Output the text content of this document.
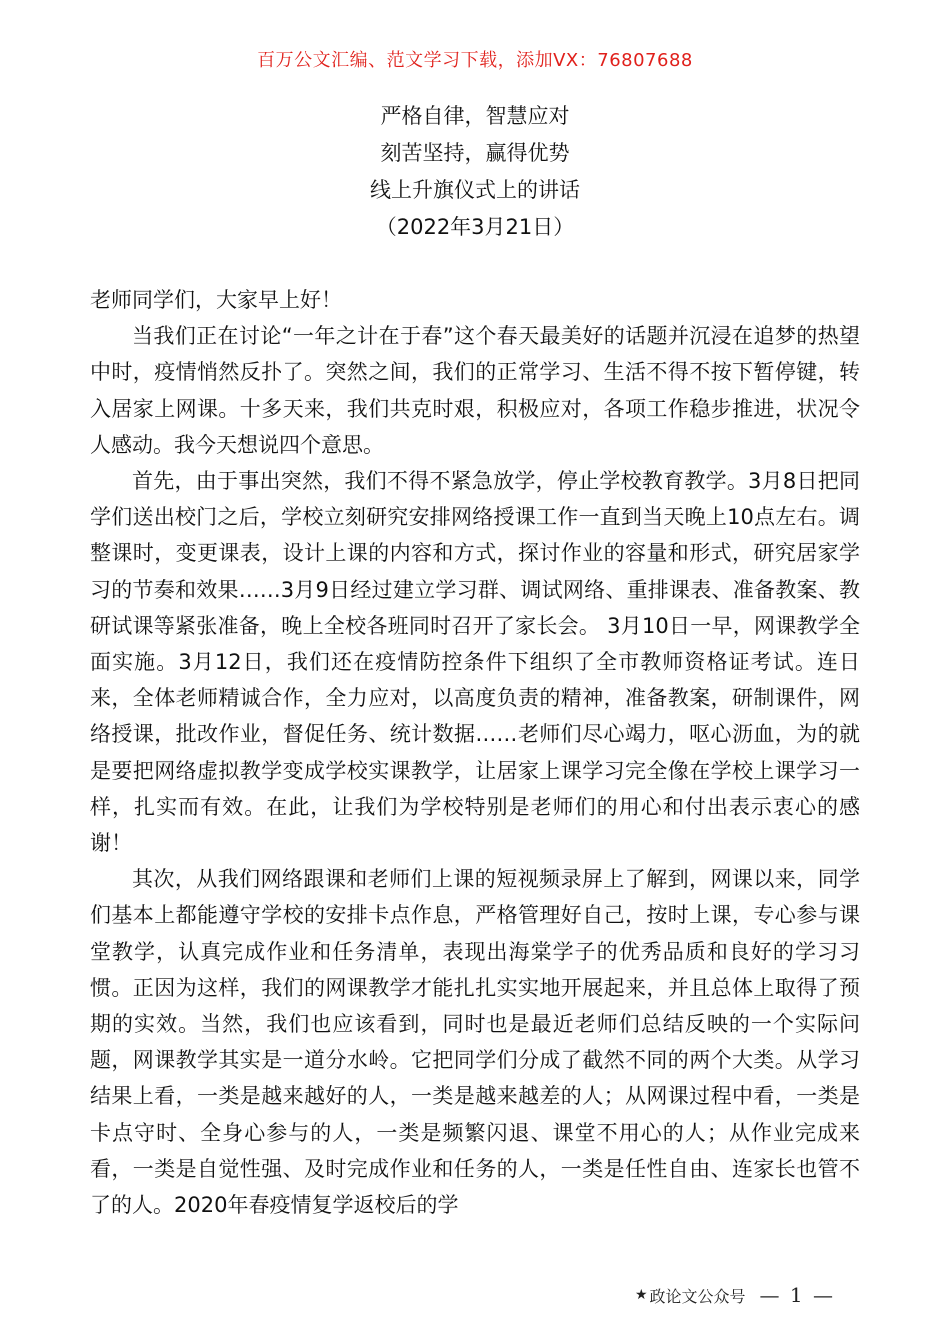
百万公文汇编、范文学习下载，添加VX：76807688
严格自律，智慧应对
刻苦坚持，赢得优势
线上升旗仪式上的讲话
（2022年3月21日）

老师同学们，大家早上好！

当我们正在讨论“一年之计在于春”这个春天最美好的话题并沉浸在追梦的热望中时，疫情悄然反扑了。突然之间，我们的正常学习、生活不得不按下暂停键，转入居家上网课。十多天来，我们共克时艰，积极应对，各项工作稳步推进，状况令人感动。我今天想说四个意思。

首先，由于事出突然，我们不得不紧急放学，停止学校教育教学。3月8日把同学们送出校门之后，学校立刻研究安排网络授课工作一直到当天晚上10点左右。调整课时，变更课表，设计上课的内容和方式，探讨作业的容量和形式，研究居家学习的节奏和效果……3月9日经过建立学习群、调试网络、重排课表、准备教案、教研试课等紧张准备，晚上全校各班同时召开了家长会。 3月10日一早，网课教学全面实施。3月12日，我们还在疫情防控条件下组织了全市教师资格证考试。连日来，全体老师精诚合作，全力应对，以高度负责的精神，准备教案，研制课件，网络授课，批改作业，督促任务、统计数据……老师们尽心竭力，呕心沥血，为的就是要把网络虚拟教学变成学校实课教学，让居家上课学习完全像在学校上课学习一样，扎实而有效。在此，让我们为学校特别是老师们的用心和付出表示衷心的感谢！

其次，从我们网络跟课和老师们上课的短视频录屏上了解到，网课以来，同学们基本上都能遵守学校的安排卡点作息，严格管理好自己，按时上课，专心参与课堂教学，认真完成作业和任务清单，表现出海棠学子的优秀品质和良好的学习习惯。正因为这样，我们的网课教学才能扎扎实实地开展起来，并且总体上取得了预期的实效。当然，我们也应该看到，同时也是最近老师们总结反映的一个实际问题，网课教学其实是一道分水岭。它把同学们分成了截然不同的两个大类。从学习结果上看，一类是越来越好的人，一类是越来越差的人；从网课过程中看，一类是卡点守时、全身心参与的人，一类是频繁闪退、课堂不用心的人；从作业完成来看，一类是自觉性强、及时完成作业和任务的人，一类是任性自由、连家长也管不了的人。2020年春疫情复学返校后的学

★ 政论文公众号 — 1 —
